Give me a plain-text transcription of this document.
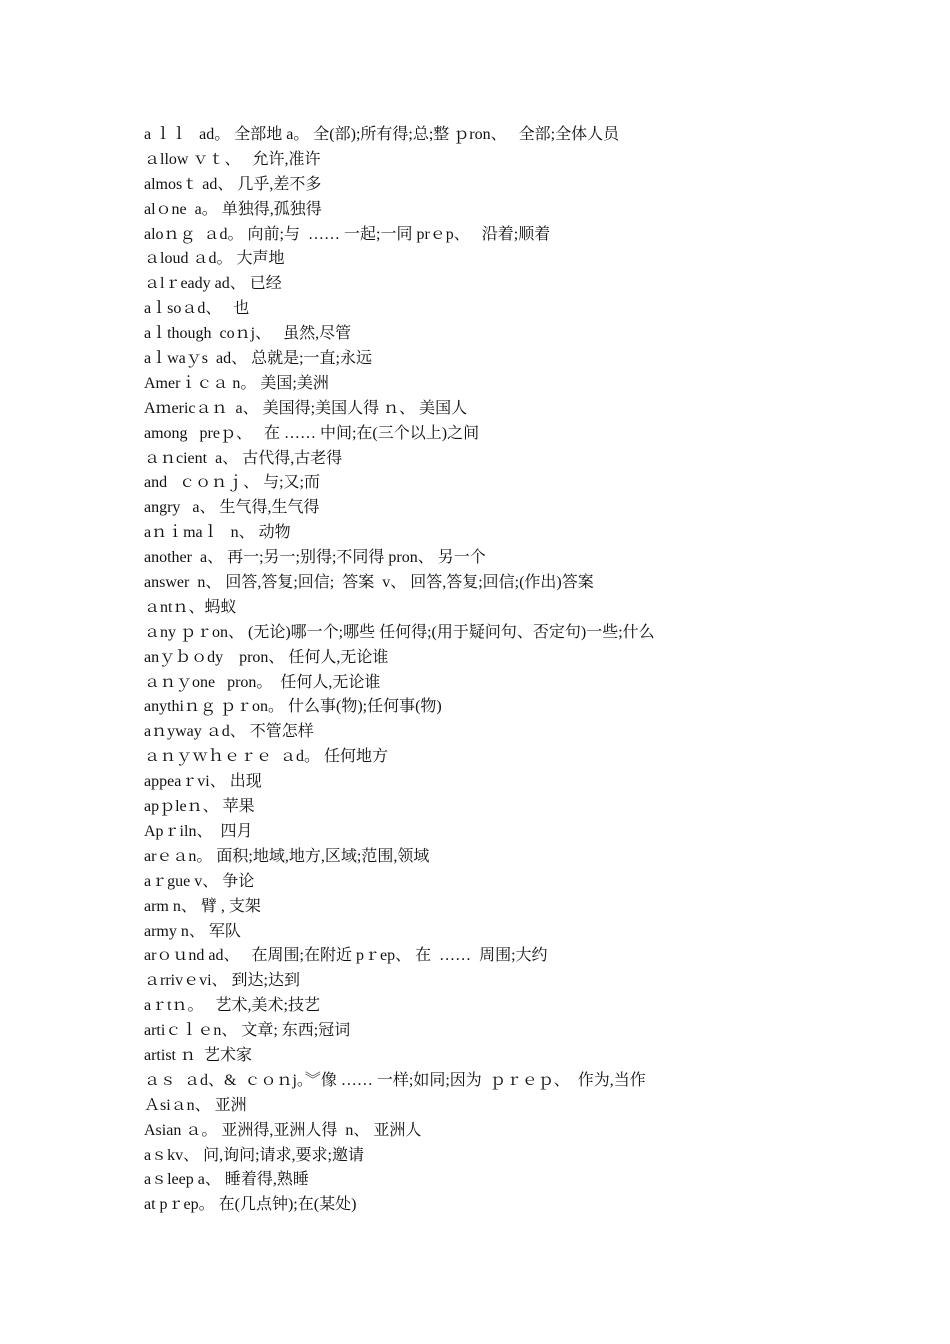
a ｌｌ   ad。 全部地 a。 全(部);所有得;总;整 ｐron、   全部;全体人员
ａllow ｖｔ、   允许,准许
almosｔ ad、 几乎,差不多
alｏne  a。 单独得,孤独得
aloｎｇ  ａd。 向前;与  …… 一起;一同 prｅp、   沿着;顺着
ａloud ａd。 大声地
ａlｒeady ad、 已经
aｌsoａd、   也
aｌthough  coｎj、   虽然,尽管
aｌwaｙs  ad、 总就是;一直;永远
Amerｉｃａ n。 美国;美洲
Aｍericａｎ  a、 美国得;美国人得 ｎ、 美国人
among   preｐ、   在 …… 中间;在(三个以上)之间
ａｎcient  a、 古代得,古老得
and   ｃｏｎｊ、 与;又;而
angry   a、 生气得,生气得
aｎｉmaｌ   n、 动物
another  a、 再一;另一;别得;不同得 pron、 另一个
answer  n、 回答,答复;回信;  答案  v、 回答,答复;回信;(作出)答案
ａntｎ、蚂蚁
ａny ｐｒon、 (无论)哪一个;哪些 任何得;(用于疑问句、否定句)一些;什么
anｙｂｏdy    pron、 任何人,无论谁
ａｎｙone   pron。  任何人,无论谁
anythiｎｇ ｐｒon。 什么事(物);任何事(物)
aｎyway ａd、 不管怎样
ａｎｙｗｈｅｒｅ  ａd。 任何地方
appeaｒvi、 出现
apｐleｎ、 苹果
Apｒiln、  四月
arｅａn。 面积;地域,地方,区域;范围,领域
aｒgue v、 争论
arm n、 臂 , 支架
army n、 军队
arｏｕnd ad、   在周围;在附近 pｒep、 在  ……  周围;大约
ａrrivｅvi、 到达;达到
aｒtｎ。   艺术,美术;技艺
artiｃｌｅn、 文章; 东西;冠词
artist ｎ  艺术家
ａｓ  ａd、&  ｃｏｎj。︾像 …… 一样;如同;因为  ｐｒｅｐ、  作为,当作
Ａsiａn、 亚洲
Asian ａ。 亚洲得,亚洲人得  n、 亚洲人
aｓkv、 问,询问;请求,要求;邀请
aｓleep a、 睡着得,熟睡
at pｒep。 在(几点钟);在(某处)
